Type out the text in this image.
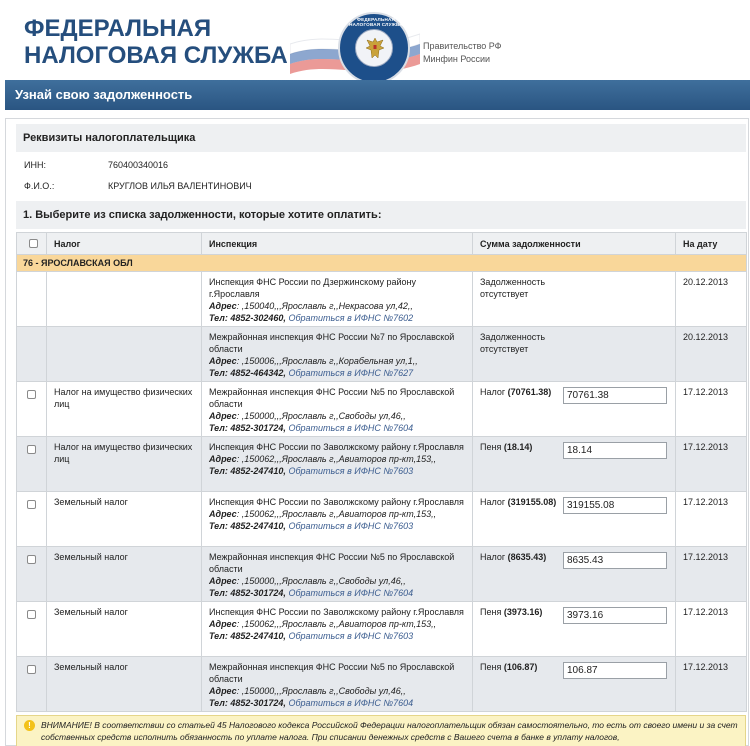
ФЕДЕРАЛЬНАЯ
НАЛОГОВАЯ СЛУЖБА
ФЕДЕРАЛЬНАЯ НАЛОГОВАЯ СЛУЖБА
Правительство РФ
Минфин России
Узнай свою задолженность
Реквизиты налогоплательщика
ИНН:	760400340016
Ф.И.О.:	КРУГЛОВ ИЛЬЯ ВАЛЕНТИНОВИЧ
1. Выберите из списка задолженности, которые хотите оплатить:
	Налог	Инспекция	Сумма задолженности	На дату
76 - ЯРОСЛАВСКАЯ ОБЛ				

		Инспекция ФНС России по Дзержинскому району г.Ярославля
Адрес: ,150040,,,Ярославль г,,Некрасова ул,42,,
Тел: 4852-302460, Обратиться в ИФНС №7602	Задолженность отсутствует	20.12.2013

		Межрайонная инспекция ФНС России №7 по Ярославской области
Адрес: ,150006,,,Ярославль г,,Корабельная ул,1,,
Тел: 4852-464342, Обратиться в ИФНС №7627	Задолженность отсутствует	20.12.2013

	Налог на имущество физических лиц	Межрайонная инспекция ФНС России №5 по Ярославской области
Адрес: ,150000,,,Ярославль г,,Свободы ул,46,,
Тел: 4852-301724, Обратиться в ИФНС №7604	Налог (70761.38)
70761.38	17.12.2013

	Налог на имущество физических лиц	Инспекция ФНС России по Заволжскому району г.Ярославля
Адрес: ,150062,,,Ярославль г,,Авиаторов пр-кт,153,,
Тел: 4852-247410, Обратиться в ИФНС №7603	Пеня (18.14)
18.14	17.12.2013

	Земельный налог	Инспекция ФНС России по Заволжскому району г.Ярославля
Адрес: ,150062,,,Ярославль г,,Авиаторов пр-кт,153,,
Тел: 4852-247410, Обратиться в ИФНС №7603	Налог (319155.08)
319155.08	17.12.2013

	Земельный налог	Межрайонная инспекция ФНС России №5 по Ярославской области
Адрес: ,150000,,,Ярославль г,,Свободы ул,46,,
Тел: 4852-301724, Обратиться в ИФНС №7604	Налог (8635.43)
8635.43	17.12.2013

	Земельный налог	Инспекция ФНС России по Заволжскому району г.Ярославля
Адрес: ,150062,,,Ярославль г,,Авиаторов пр-кт,153,,
Тел: 4852-247410, Обратиться в ИФНС №7603	Пеня (3973.16)
3973.16	17.12.2013

	Земельный налог	Межрайонная инспекция ФНС России №5 по Ярославской области
Адрес: ,150000,,,Ярославль г,,Свободы ул,46,,
Тел: 4852-301724, Обратиться в ИФНС №7604	Пеня (106.87)
106.87	17.12.2013
!	ВНИМАНИЕ! В соответствии со статьей 45 Налогового кодекса Российской Федерации налогоплательщик обязан самостоятельно, то есть от своего имени и за счет собственных средств исполнить обязанность по уплате налога. При списании денежных средств с Вашего счета в банке в уплату налогов,
